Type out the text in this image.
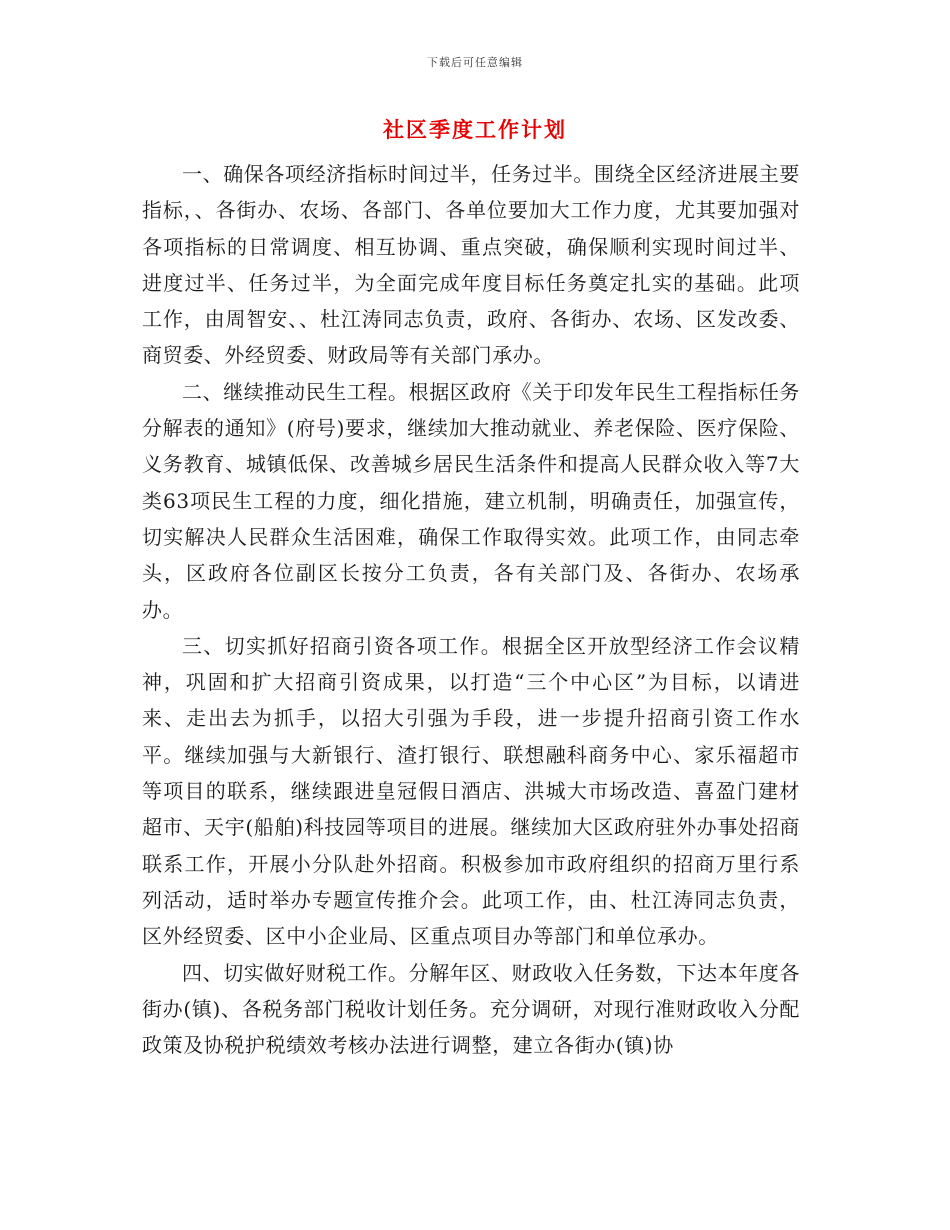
下载后可任意编辑
社区季度工作计划

一、确保各项经济指标时间过半，任务过半。围绕全区经济进展主要指标，、各街办、农场、各部门、各单位要加大工作力度，尤其要加强对各项指标的日常调度、相互协调、重点突破，确保顺利实现时间过半、进度过半、任务过半，为全面完成年度目标任务奠定扎实的基础。此项工作，由周智安、、杜江涛同志负责，政府、各街办、农场、区发改委、商贸委、外经贸委、财政局等有关部门承办。

二、继续推动民生工程。根据区政府《关于印发年民生工程指标任务分解表的通知》(府号)要求，继续加大推动就业、养老保险、医疗保险、义务教育、城镇低保、改善城乡居民生活条件和提高人民群众收入等7大类63项民生工程的力度，细化措施，建立机制，明确责任，加强宣传，切实解决人民群众生活困难，确保工作取得实效。此项工作，由同志牵头，区政府各位副区长按分工负责，各有关部门及、各街办、农场承办。

三、切实抓好招商引资各项工作。根据全区开放型经济工作会议精神，巩固和扩大招商引资成果，以打造“三个中心区”为目标，以请进来、走出去为抓手，以招大引强为手段，进一步提升招商引资工作水平。继续加强与大新银行、渣打银行、联想融科商务中心、家乐福超市等项目的联系，继续跟进皇冠假日酒店、洪城大市场改造、喜盈门建材超市、天宇(船舶)科技园等项目的进展。继续加大区政府驻外办事处招商联系工作，开展小分队赴外招商。积极参加市政府组织的招商万里行系列活动，适时举办专题宣传推介会。此项工作，由、杜江涛同志负责，区外经贸委、区中小企业局、区重点项目办等部门和单位承办。

四、切实做好财税工作。分解年区、财政收入任务数，下达本年度各街办(镇)、各税务部门税收计划任务。充分调研，对现行准财政收入分配政策及协税护税绩效考核办法进行调整，建立各街办(镇)协
